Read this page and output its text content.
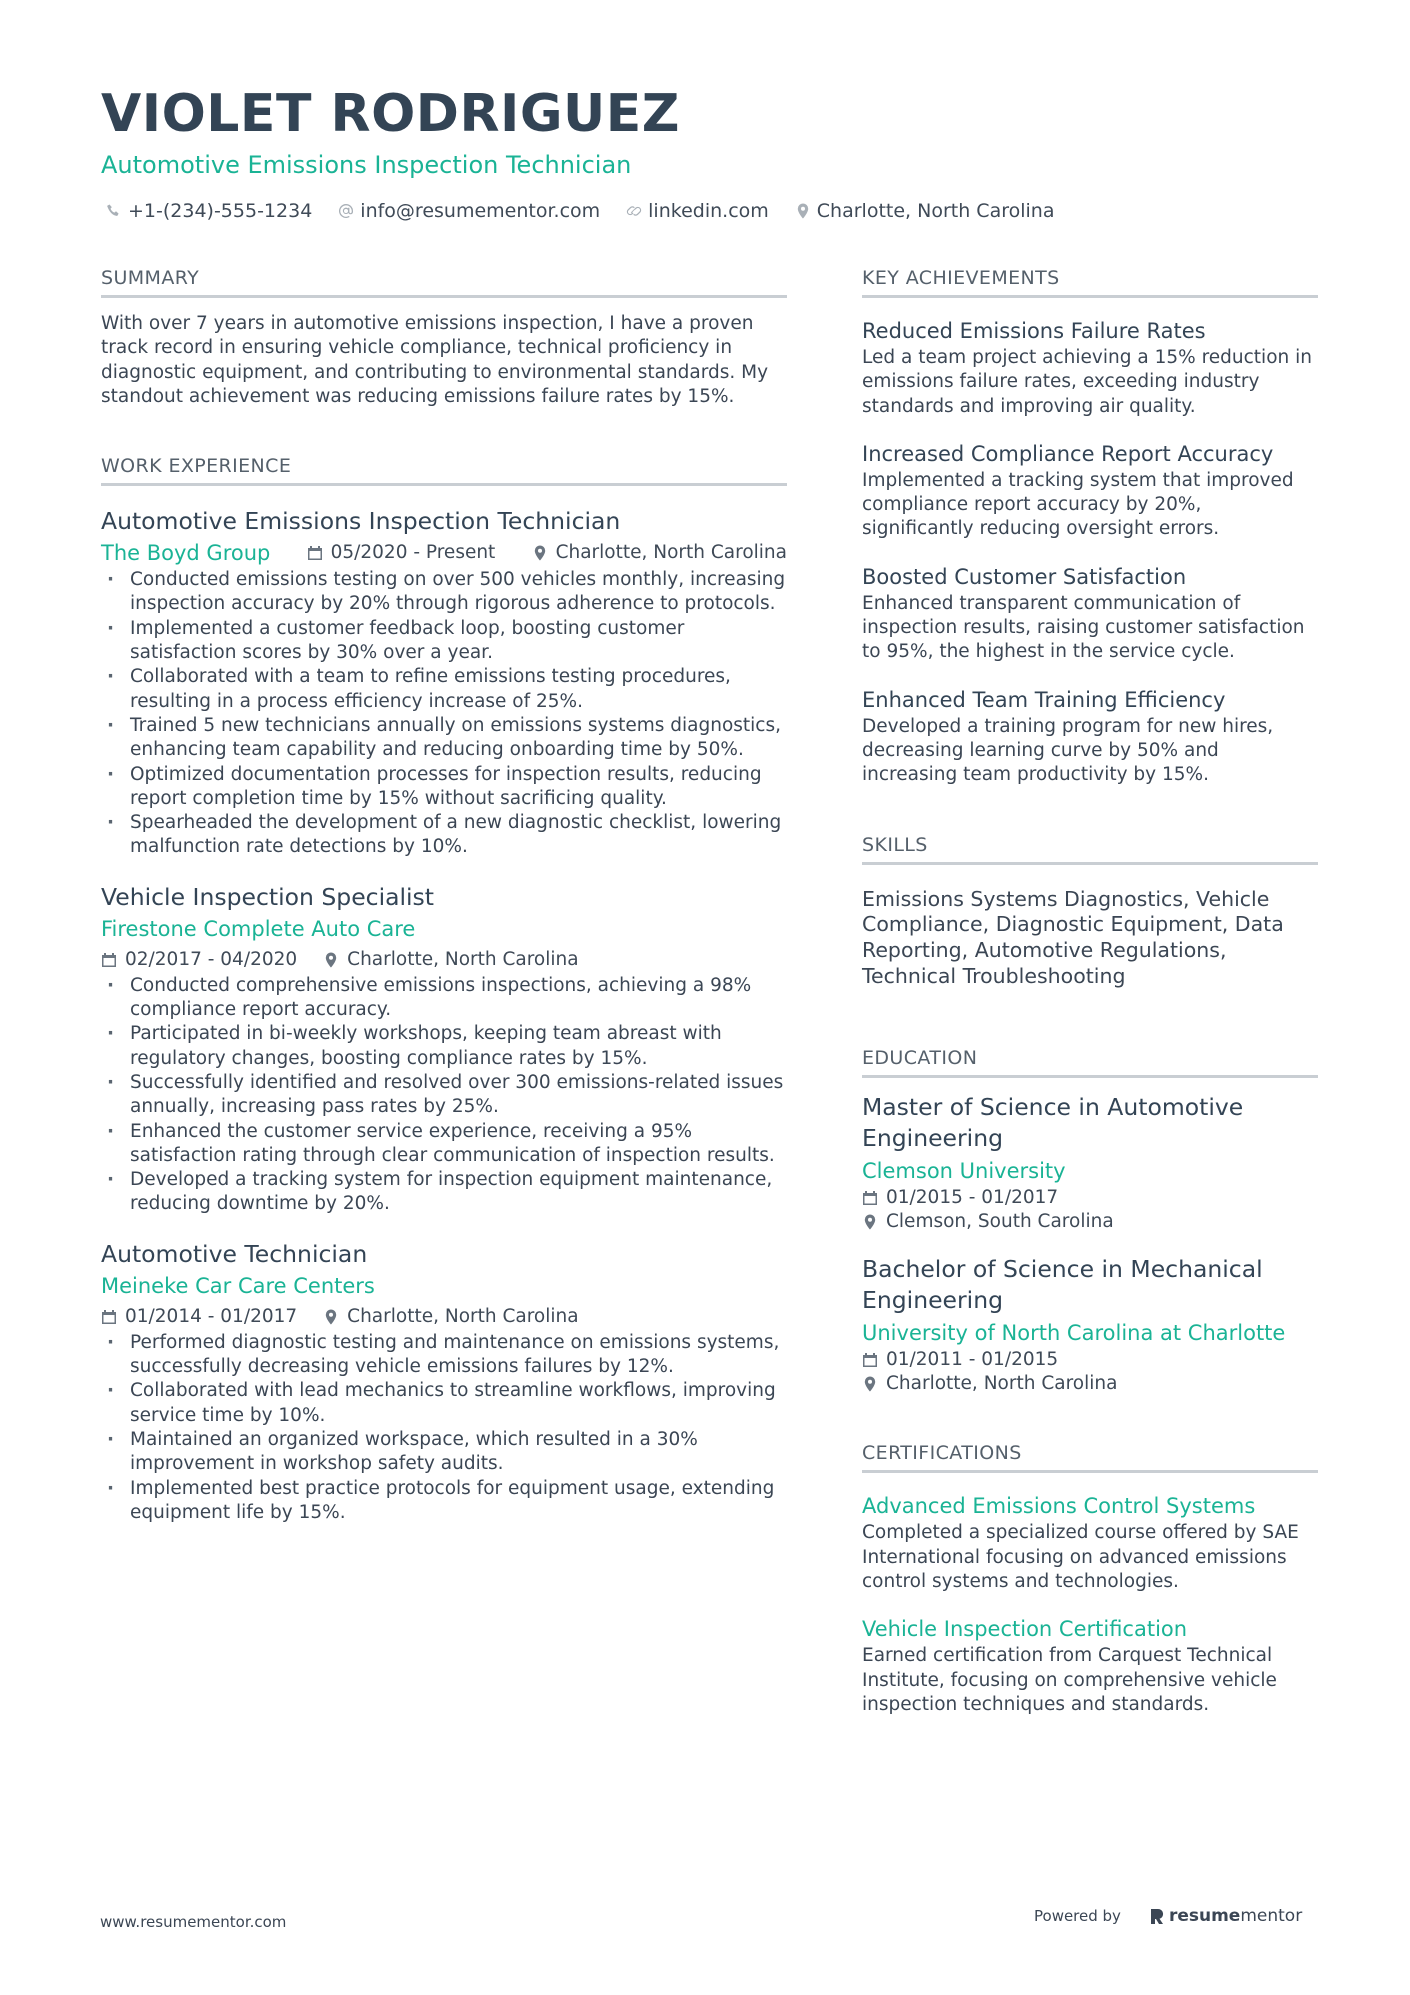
VIOLET RODRIGUEZ
Automotive Emissions Inspection Technician
+1-(234)-555-1234	info@resumementor.com	linkedin.com	Charlotte, North Carolina
SUMMARY
With over 7 years in automotive emissions inspection, I have a proven track record in ensuring vehicle compliance, technical proficiency in diagnostic equipment, and contributing to environmental standards. My standout achievement was reducing emissions failure rates by 15%.
WORK EXPERIENCE
Automotive Emissions Inspection Technician
The Boyd Group	05/2020 - Present	Charlotte, North Carolina
· Conducted emissions testing on over 500 vehicles monthly, increasing inspection accuracy by 20% through rigorous adherence to protocols.
· Implemented a customer feedback loop, boosting customer satisfaction scores by 30% over a year.
· Collaborated with a team to refine emissions testing procedures, resulting in a process efficiency increase of 25%.
· Trained 5 new technicians annually on emissions systems diagnostics, enhancing team capability and reducing onboarding time by 50%.
· Optimized documentation processes for inspection results, reducing report completion time by 15% without sacrificing quality.
· Spearheaded the development of a new diagnostic checklist, lowering malfunction rate detections by 10%.
Vehicle Inspection Specialist
Firestone Complete Auto Care
02/2017 - 04/2020	Charlotte, North Carolina
· Conducted comprehensive emissions inspections, achieving a 98% compliance report accuracy.
· Participated in bi-weekly workshops, keeping team abreast with regulatory changes, boosting compliance rates by 15%.
· Successfully identified and resolved over 300 emissions-related issues annually, increasing pass rates by 25%.
· Enhanced the customer service experience, receiving a 95% satisfaction rating through clear communication of inspection results.
· Developed a tracking system for inspection equipment maintenance, reducing downtime by 20%.
Automotive Technician
Meineke Car Care Centers
01/2014 - 01/2017	Charlotte, North Carolina
· Performed diagnostic testing and maintenance on emissions systems, successfully decreasing vehicle emissions failures by 12%.
· Collaborated with lead mechanics to streamline workflows, improving service time by 10%.
· Maintained an organized workspace, which resulted in a 30% improvement in workshop safety audits.
· Implemented best practice protocols for equipment usage, extending equipment life by 15%.
KEY ACHIEVEMENTS
Reduced Emissions Failure Rates
Led a team project achieving a 15% reduction in emissions failure rates, exceeding industry standards and improving air quality.
Increased Compliance Report Accuracy
Implemented a tracking system that improved compliance report accuracy by 20%, significantly reducing oversight errors.
Boosted Customer Satisfaction
Enhanced transparent communication of inspection results, raising customer satisfaction to 95%, the highest in the service cycle.
Enhanced Team Training Efficiency
Developed a training program for new hires, decreasing learning curve by 50% and increasing team productivity by 15%.
SKILLS
Emissions Systems Diagnostics, Vehicle Compliance, Diagnostic Equipment, Data Reporting, Automotive Regulations, Technical Troubleshooting
EDUCATION
Master of Science in Automotive Engineering
Clemson University
01/2015 - 01/2017
Clemson, South Carolina
Bachelor of Science in Mechanical Engineering
University of North Carolina at Charlotte
01/2011 - 01/2015
Charlotte, North Carolina
CERTIFICATIONS
Advanced Emissions Control Systems
Completed a specialized course offered by SAE International focusing on advanced emissions control systems and technologies.
Vehicle Inspection Certification
Earned certification from Carquest Technical Institute, focusing on comprehensive vehicle inspection techniques and standards.
www.resumementor.com	Powered by	resume mentor
